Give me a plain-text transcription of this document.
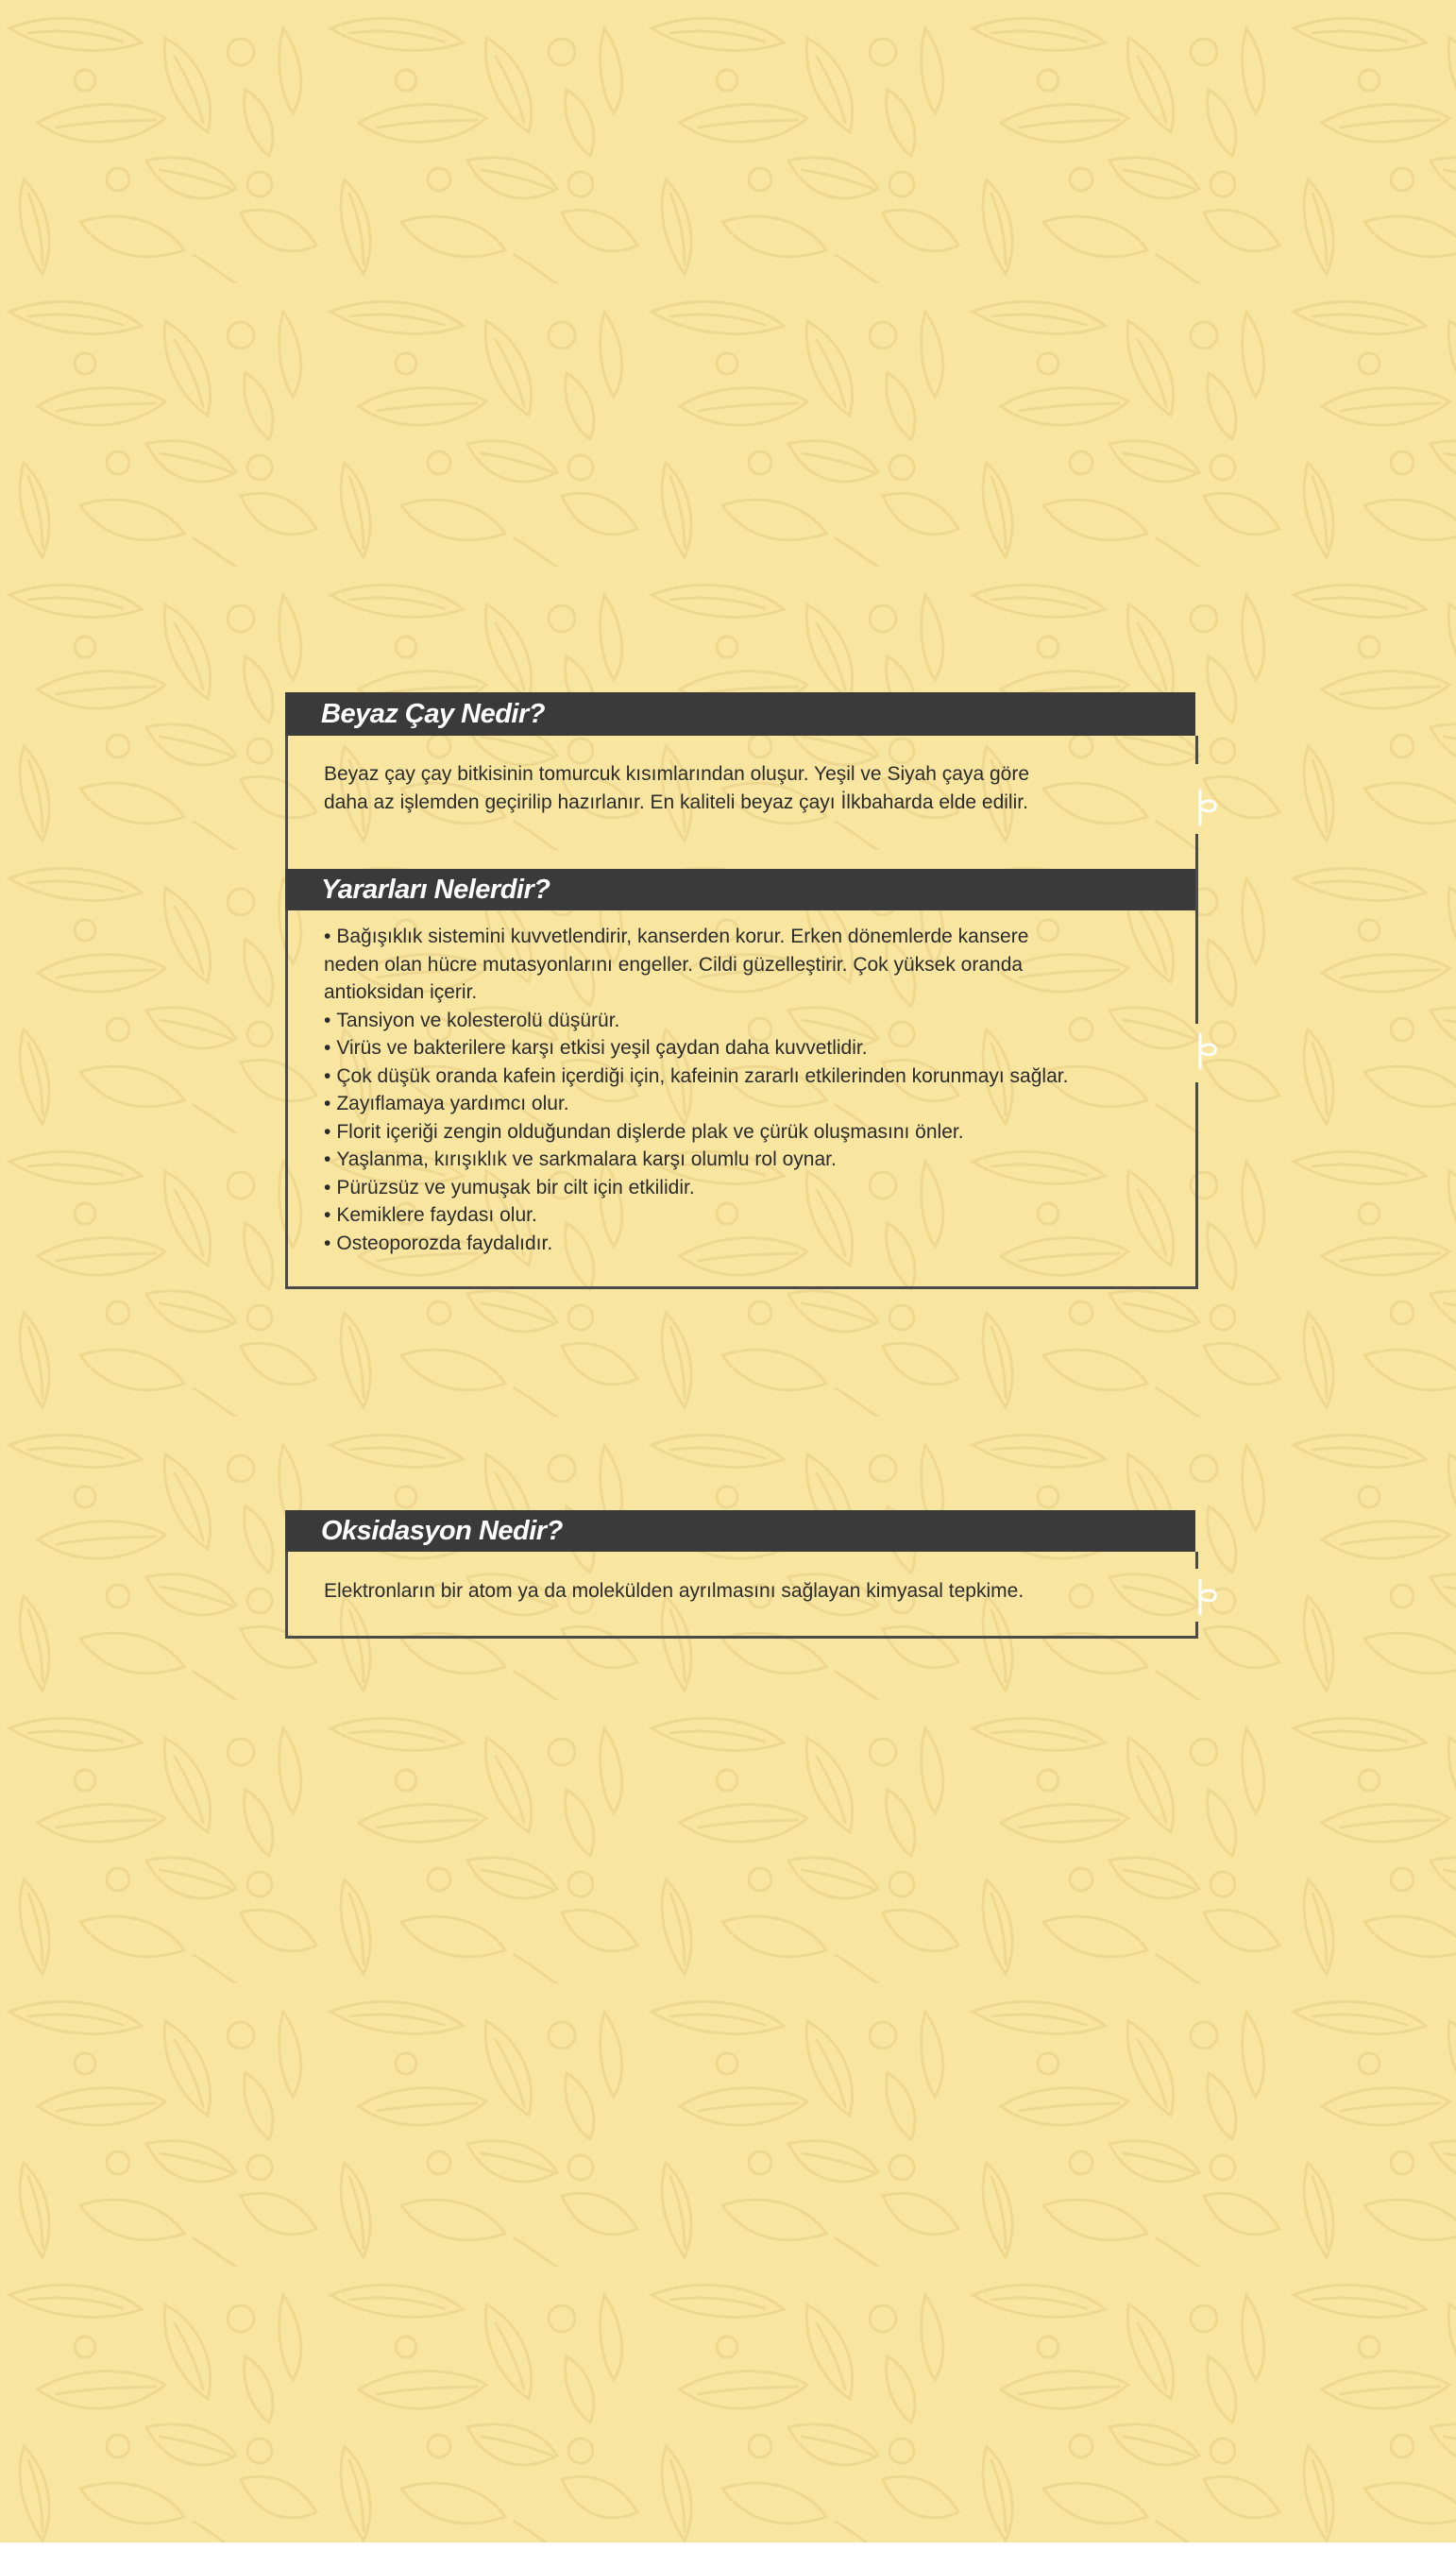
Beyaz Çay Nedir?
Beyaz çay çay bitkisinin tomurcuk kısımlarından oluşur. Yeşil ve Siyah çaya göre
daha az işlemden geçirilip hazırlanır. En kaliteli beyaz çayı İlkbaharda elde edilir.
Yararları Nelerdir?
• Bağışıklık sistemini kuvvetlendirir, kanserden korur. Erken dönemlerde kansere
neden olan hücre mutasyonlarını engeller. Cildi güzelleştirir. Çok yüksek oranda
antioksidan içerir.
• Tansiyon ve kolesterolü düşürür.
• Virüs ve bakterilere karşı etkisi yeşil çaydan daha kuvvetlidir.
• Çok düşük oranda kafein içerdiği için, kafeinin zararlı etkilerinden korunmayı sağlar.
• Zayıflamaya yardımcı olur.
• Florit içeriği zengin olduğundan dişlerde plak ve çürük oluşmasını önler.
• Yaşlanma, kırışıklık ve sarkmalara karşı olumlu rol oynar.
• Pürüzsüz ve yumuşak bir cilt için etkilidir.
• Kemiklere faydası olur.
• Osteoporozda faydalıdır.
Oksidasyon Nedir?
Elektronların bir atom ya da molekülden ayrılmasını sağlayan kimyasal tepkime.
